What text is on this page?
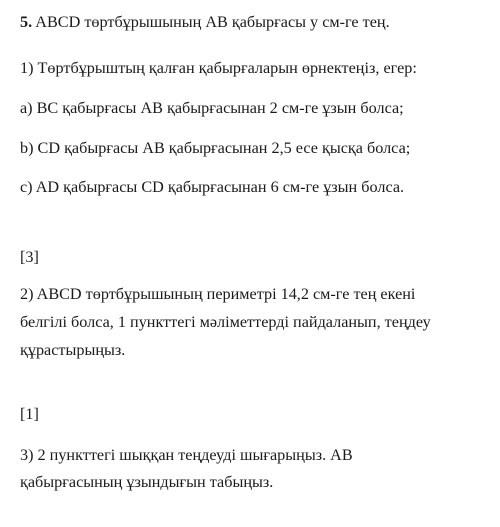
5. ABCD төртбұрышының АВ қабырғасы у см-ге тең.
1) Төртбұрыштың қалған қабырғаларын өрнектеңіз, егер:
а) ВС қабырғасы АВ қабырғасынан 2 см-ге ұзын болса;
b) CD қабырғасы АВ қабырғасынан 2,5 есе қысқа болса;
c) AD қабырғасы CD қабырғасынан 6 см-ге ұзын болса.
[3]
2) ABCD төртбұрышының периметрі 14,2 см-ге тең екені
белгілі болса, 1 пункттегі мәліметтерді пайдаланып, теңдеу
құрастырыңыз.
[1]
3) 2 пункттегі шыққан теңдеуді шығарыңыз. АВ
қабырғасының ұзындығын табыңыз.
